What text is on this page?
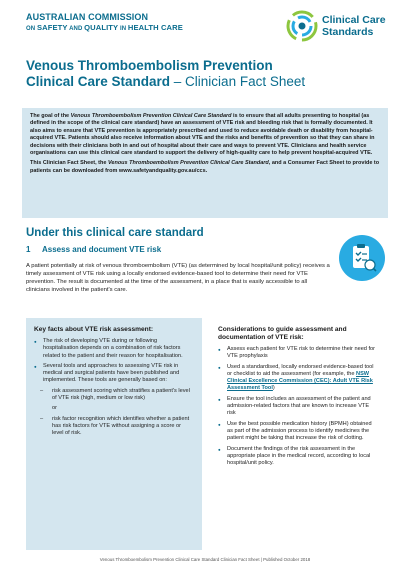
AUSTRALIAN COMMISSION
ON SAFETY AND QUALITY IN HEALTH CARE
Clinical Care
Standards
Venous Thromboembolism Prevention
Clinical Care Standard – Clinician Fact Sheet

The goal of the Venous Thromboembolism Prevention Clinical Care Standard is to ensure that all adults presenting to hospital (as defined in the scope of the clinical care standard) have an assessment of VTE risk and bleeding risk that is formally documented. It also aims to ensure that VTE prevention is appropriately prescribed and used to reduce avoidable death or disability from hospital-acquired VTE. Patients should also receive information about VTE and the risks and benefits of prevention so that they can share in decisions with their clinicians both in and out of hospital about their care and ways to prevent VTE. Clinicians and health service organisations can use this clinical care standard to support the delivery of high-quality care to help prevent hospital-acquired VTE.

This Clinician Fact Sheet, the Venous Thromboembolism Prevention Clinical Care Standard, and a Consumer Fact Sheet to provide to patients can be downloaded from www.safetyandquality.gov.au/ccs.

Under this clinical care standard
1 Assess and document VTE risk
A patient potentially at risk of venous thromboembolism (VTE) (as determined by local hospital/unit policy) receives a timely assessment of VTE risk using a locally endorsed evidence-based tool to determine their need for VTE prevention. The result is documented at the time of the assessment, in a place that is easily accessible to all clinicians involved in the patient's care.
Key facts about VTE risk assessment:
● The risk of developing VTE during or following hospitalisation depends on a combination of risk factors related to the patient and their reason for hospitalisation.
● Several tools and approaches to assessing VTE risk in medical and surgical patients have been published and implemented. These tools are generally based on:
– risk assessment scoring which stratifies a patient's level of VTE risk (high, medium or low risk)
or
– risk factor recognition which identifies whether a patient has risk factors for VTE without assigning a score or level of risk.
Considerations to guide assessment and documentation of VTE risk:
● Assess each patient for VTE risk to determine their need for VTE prophylaxis
● Used a standardised, locally endorsed evidence-based tool or checklist to aid the assessment (for example, the NSW Clinical Excellence Commission (CEC): Adult VTE Risk Assessment Tool)
● Ensure the tool includes an assessment of the patient and admission-related factors that are known to increase VTE risk
● Use the best possible medication history (BPMH) obtained as part of the admission process to identify medicines the patient might be taking that increase the risk of clotting.
● Document the findings of the risk assessment in the appropriate place in the medical record, according to local hospital/unit policy.
Venous Thromboembolism Prevention Clinical Care Standard Clinician Fact Sheet | Published October 2018
